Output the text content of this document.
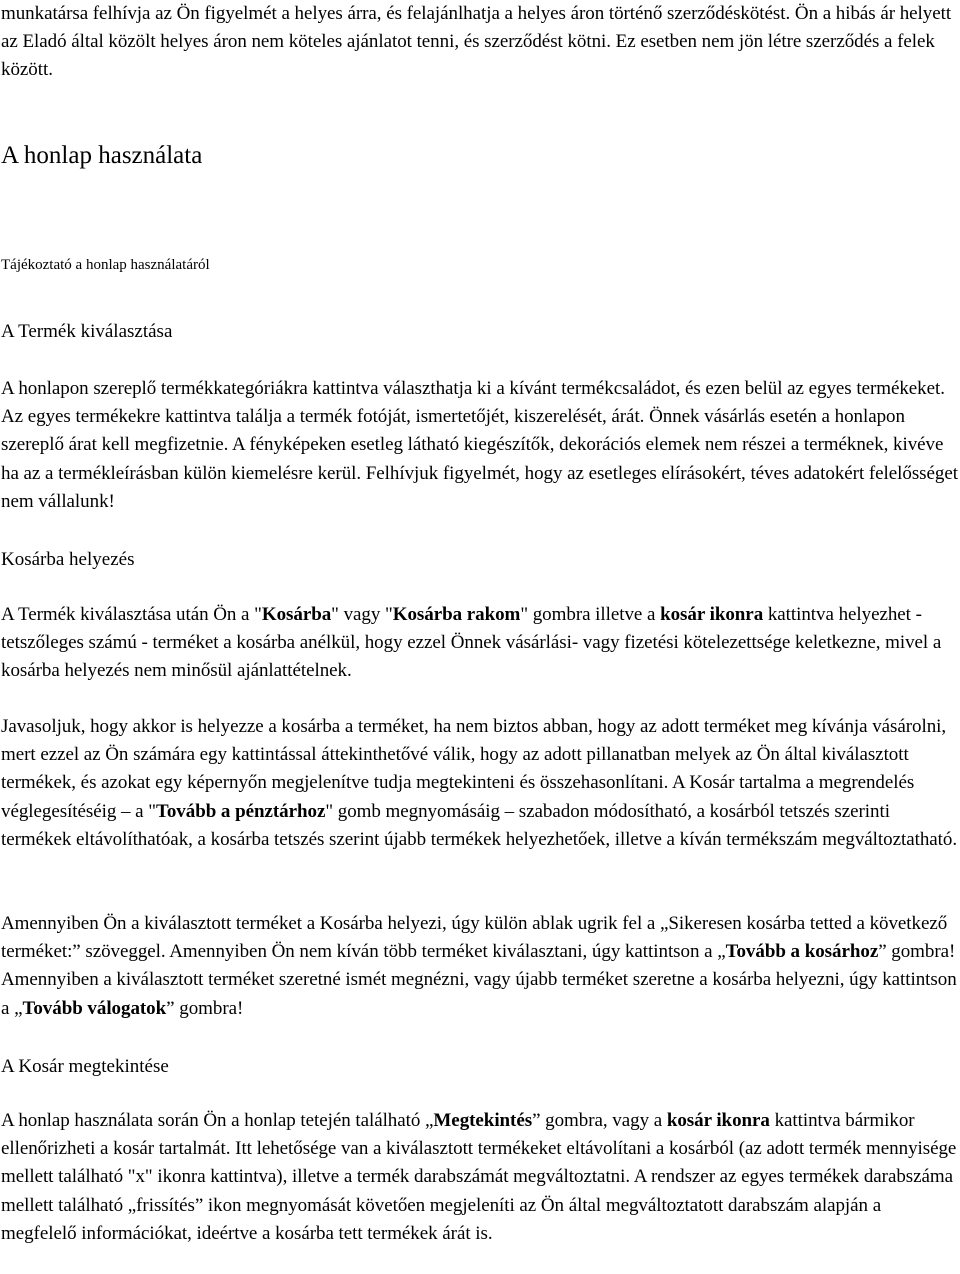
munkatársa felhívja az Ön figyelmét a helyes árra, és felajánlhatja a helyes áron történő szerződéskötést. Ön a hibás ár helyett az Eladó által közölt helyes áron nem köteles ajánlatot tenni, és szerződést kötni. Ez esetben nem jön létre szerződés a felek között.

A honlap használata

Tájékoztató a honlap használatáról

A Termék kiválasztása

A honlapon szereplő termékkategóriákra kattintva választhatja ki a kívánt termékcsaládot, és ezen belül az egyes termékeket. Az egyes termékekre kattintva találja a termék fotóját, ismertetőjét, kiszerelését, árát. Önnek vásárlás esetén a honlapon szereplő árat kell megfizetnie. A fényképeken esetleg látható kiegészítők, dekorációs elemek nem részei a terméknek, kivéve ha az a termékleírásban külön kiemelésre kerül. Felhívjuk figyelmét, hogy az esetleges elírásokért, téves adatokért felelősséget nem vállalunk!

Kosárba helyezés

A Termék kiválasztása után Ön a "Kosárba" vagy "Kosárba rakom" gombra illetve a kosár ikonra kattintva helyezhet - tetszőleges számú - terméket a kosárba anélkül, hogy ezzel Önnek vásárlási- vagy fizetési kötelezettsége keletkezne, mivel a kosárba helyezés nem minősül ajánlattételnek.

Javasoljuk, hogy akkor is helyezze a kosárba a terméket, ha nem biztos abban, hogy az adott terméket meg kívánja vásárolni, mert ezzel az Ön számára egy kattintással áttekinthetővé válik, hogy az adott pillanatban melyek az Ön által kiválasztott termékek, és azokat egy képernyőn megjelenítve tudja megtekinteni és összehasonlítani. A Kosár tartalma a megrendelés véglegesítéséig – a "Tovább a pénztárhoz" gomb megnyomásáig – szabadon módosítható, a kosárból tetszés szerinti termékek eltávolíthatóak, a kosárba tetszés szerint újabb termékek helyezhetőek, illetve a kíván termékszám megváltoztatható.

Amennyiben Ön a kiválasztott terméket a Kosárba helyezi, úgy külön ablak ugrik fel a „Sikeresen kosárba tetted a következő terméket:” szöveggel. Amennyiben Ön nem kíván több terméket kiválasztani, úgy kattintson a „Tovább a kosárhoz” gombra! Amennyiben a kiválasztott terméket szeretné ismét megnézni, vagy újabb terméket szeretne a kosárba helyezni, úgy kattintson a „Tovább válogatok” gombra!

A Kosár megtekintése

A honlap használata során Ön a honlap tetején található „Megtekintés” gombra, vagy a kosár ikonra kattintva bármikor ellenőrizheti a kosár tartalmát. Itt lehetősége van a kiválasztott termékeket eltávolítani a kosárból (az adott termék mennyisége mellett található "x" ikonra kattintva), illetve a termék darabszámát megváltoztatni. A rendszer az egyes termékek darabszáma mellett található „frissítés” ikon megnyomását követően megjeleníti az Ön által megváltoztatott darabszám alapján a megfelelő információkat, ideértve a kosárba tett termékek árát is.
